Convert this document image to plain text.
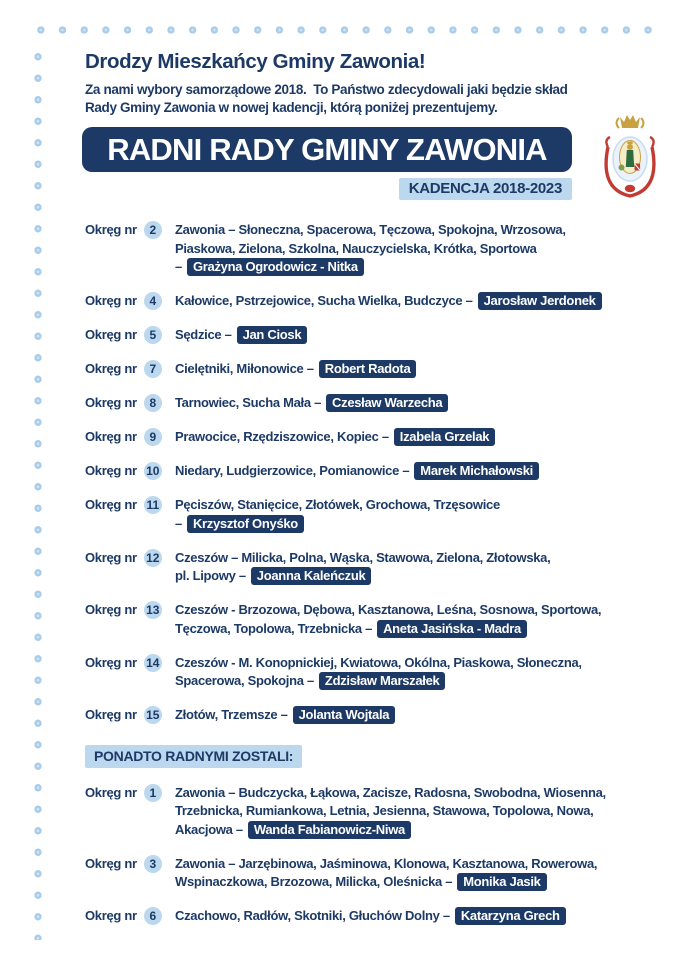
Drodzy Mieszkańcy Gminy Zawonia!
Za nami wybory samorządowe 2018.  To Państwo zdecydowali jaki będzie skład
Rady Gminy Zawonia w nowej kadencji, którą poniżej prezentujemy.
RADNI RADY GMINY ZAWONIA
KADENCJA 2018-2023
Okręg nr	2	Zawonia – Słoneczna, Spacerowa, Tęczowa, Spokojna, Wrzosowa,
Piaskowa, Zielona, Szkolna, Nauczycielska, Krótka, Sportowa
– Grażyna Ogrodowicz - Nitka
Okręg nr	4	Kałowice, Pstrzejowice, Sucha Wielka, Budczyce – Jarosław Jerdonek
Okręg nr	5	Sędzice – Jan Ciosk
Okręg nr	7	Cielętniki, Miłonowice – Robert Radota
Okręg nr	8	Tarnowiec, Sucha Mała – Czesław Warzecha
Okręg nr	9	Prawocice, Rzędziszowice, Kopiec – Izabela Grzelak
Okręg nr 10 Niedary, Ludgierzowice, Pomianowice – Marek Michałowski
Okręg nr 11 Pęciszów, Stanięcice, Złotówek, Grochowa, Trzęsowice
– Krzysztof Onyśko
Okręg nr 12 Czeszów – Milicka, Polna, Wąska, Stawowa, Zielona, Złotowska,
pl. Lipowy – Joanna Kaleńczuk
Okręg nr 13 Czeszów - Brzozowa, Dębowa, Kasztanowa, Leśna, Sosnowa, Sportowa,
Tęczowa, Topolowa, Trzebnicka – Aneta Jasińska - Madra
Okręg nr 14 Czeszów - M. Konopnickiej, Kwiatowa, Okólna, Piaskowa, Słoneczna,
Spacerowa, Spokojna – Zdzisław Marszałek
Okręg nr 15 Złotów, Trzemsze – Jolanta Wojtala
PONADTO RADNYMI ZOSTALI:
Okręg nr	1	Zawonia – Budczycka, Łąkowa, Zacisze, Radosna, Swobodna, Wiosenna,
Trzebnicka, Rumiankowa, Letnia, Jesienna, Stawowa, Topolowa, Nowa,
Akacjowa – Wanda Fabianowicz-Niwa
Okręg nr	3	Zawonia – Jarzębinowa, Jaśminowa, Klonowa, Kasztanowa, Rowerowa,
Wspinaczkowa, Brzozowa, Milicka, Oleśnicka – Monika Jasik
Okręg nr	6	Czachowo, Radłów, Skotniki, Głuchów Dolny – Katarzyna Grech
